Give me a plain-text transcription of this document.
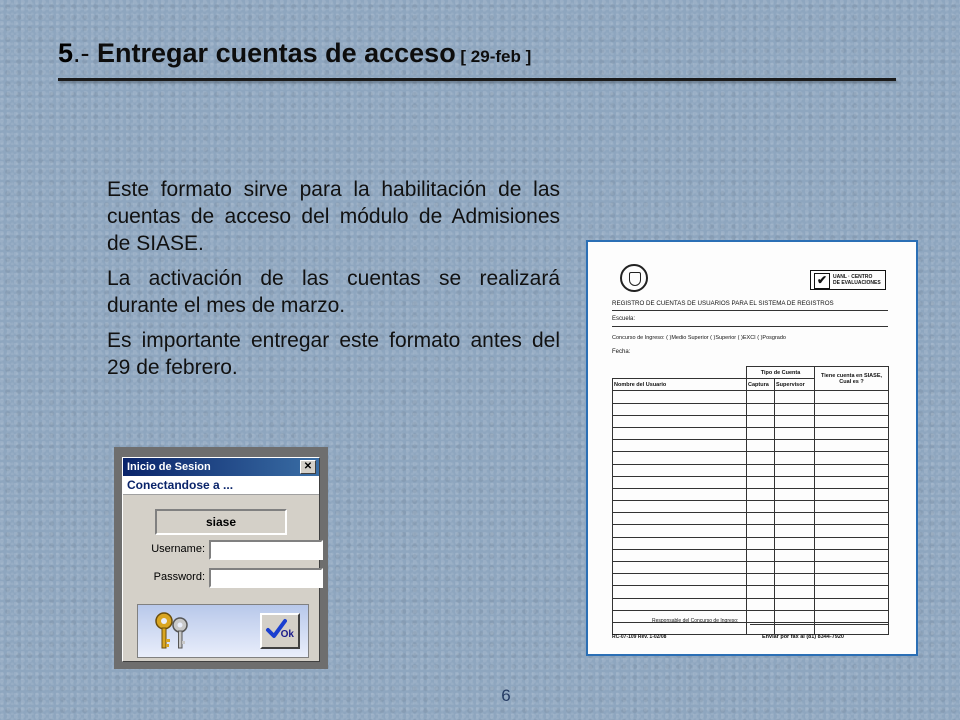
5.- Entregar cuentas de acceso [ 29-feb ]

Este formato sirve para la habilitación de las cuentas de acceso del módulo de Admisiones de SIASE.

La activación de las cuentas se realizará durante el mes de marzo.

Es importante entregar este formato antes del 29 de febrero.

Inicio de Sesion	✕
Conectandose a ...
siase
Username:
Password:
Ok
✔	UANL · CENTRO
DE EVALUACIONES
REGISTRO DE CUENTAS DE USUARIOS PARA EL SISTEMA DE REGISTROS
Escuela:
Concurso de Ingreso: ( )Medio Superior ( )Superior ( )EXCI ( )Posgrado
Fecha:
	Tipo de Cuenta		Tiene cuenta en SIASE, Cual es ?
Nombre del Usuario	Captura	Supervisor	

Responsable del Concurso de Ingreso:
RC-07-109 Rev. 1-02/08	Enviar por fax al (81) 8344-7920
6
